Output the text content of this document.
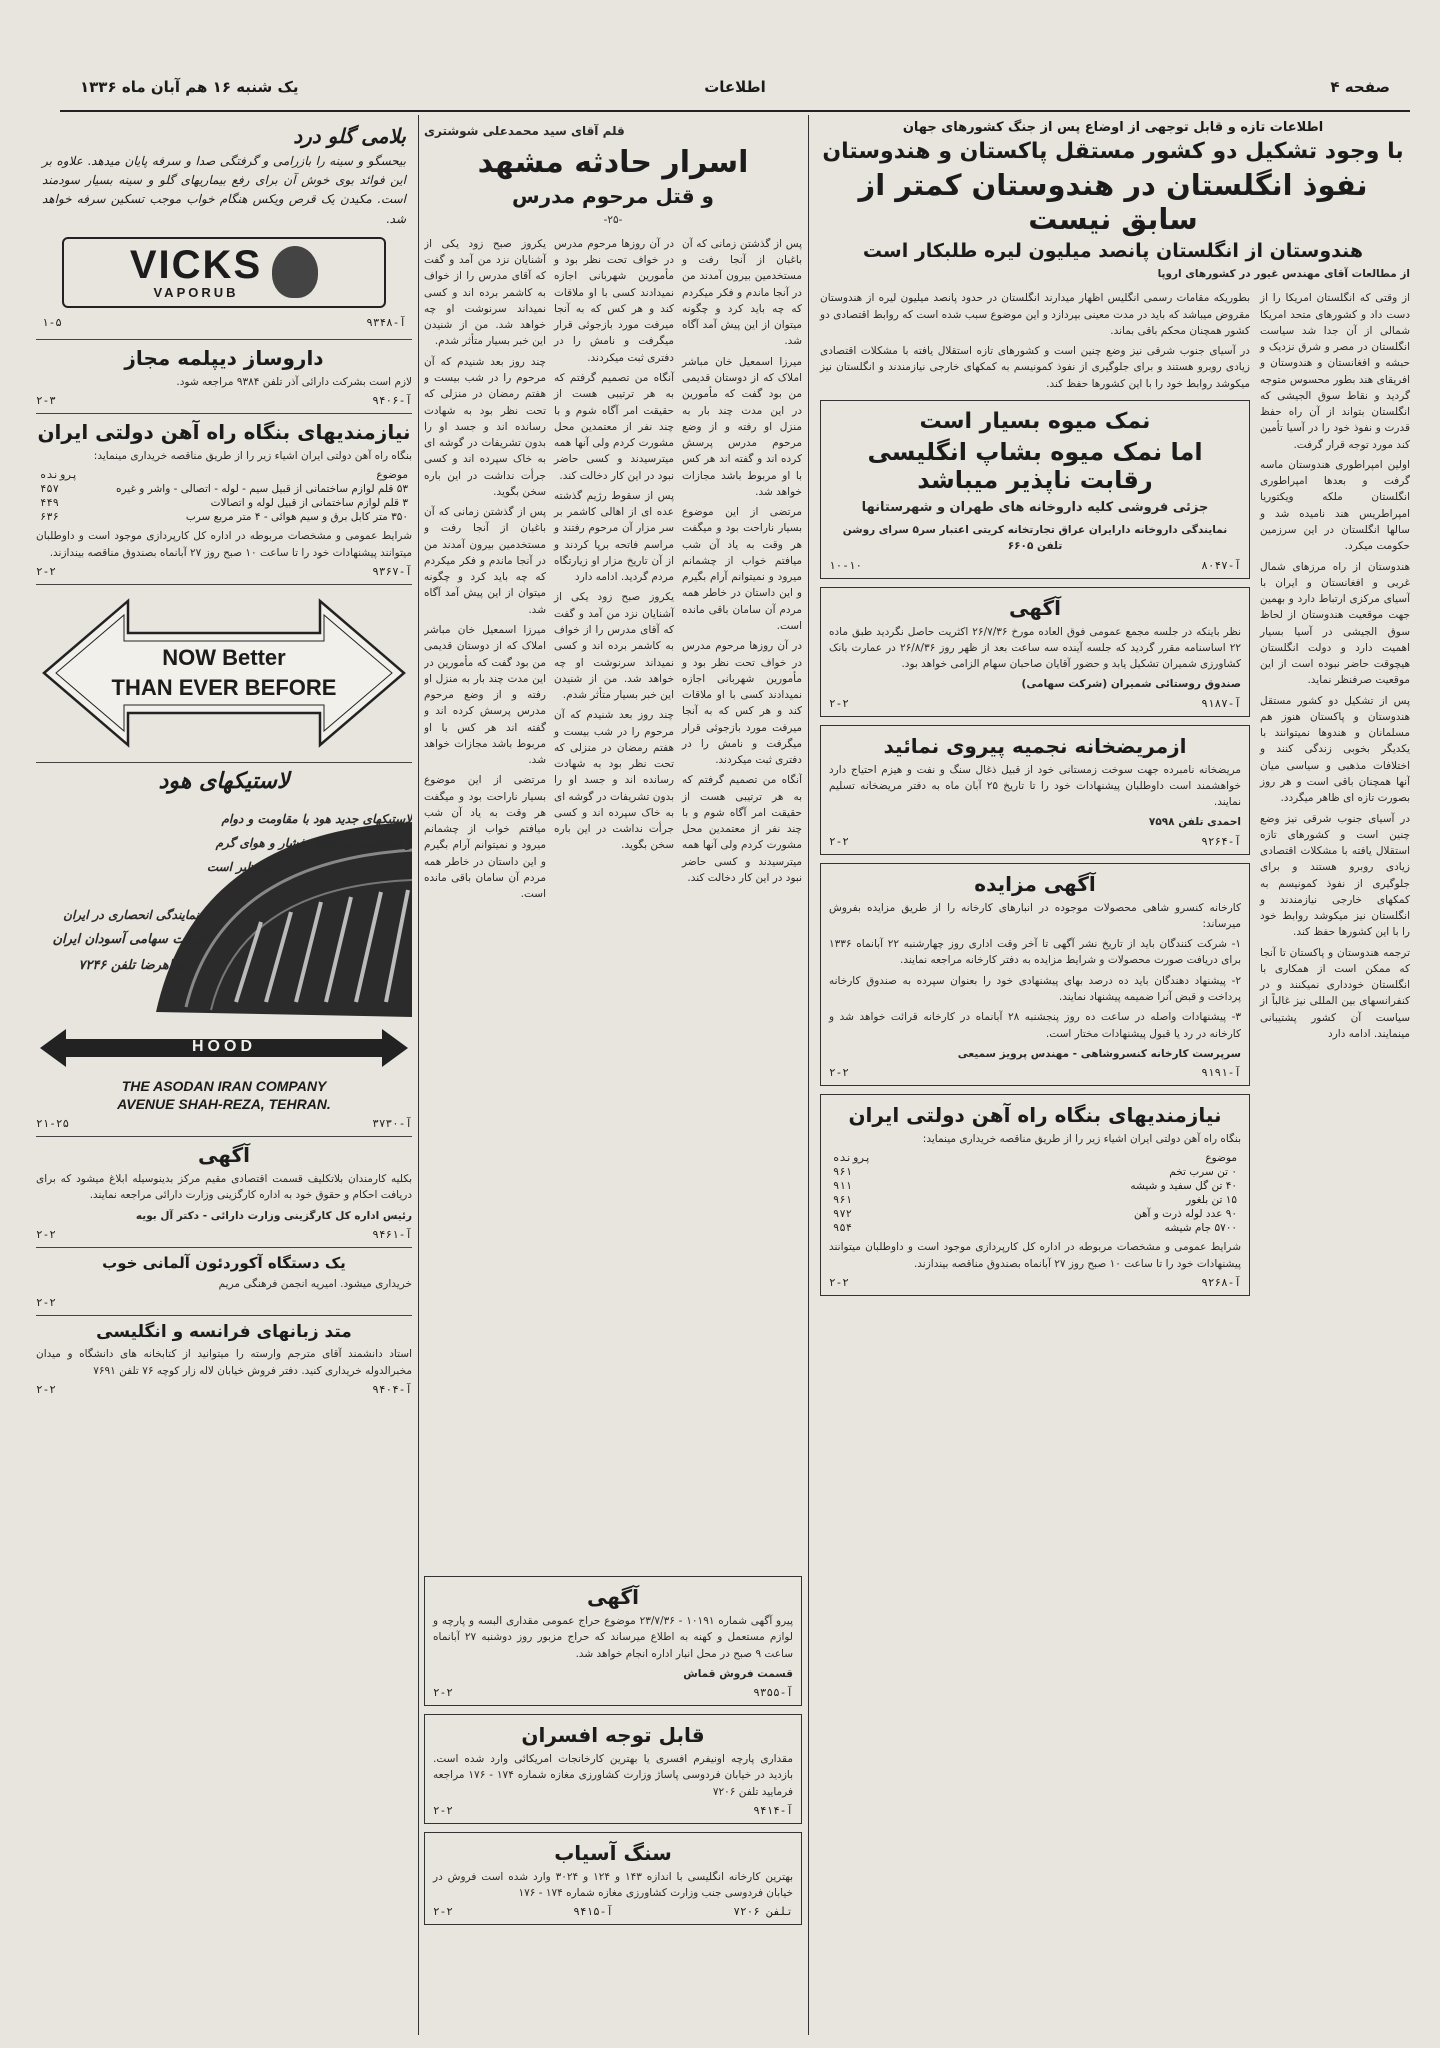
صفحه ۴
اطلاعات
یک شنبه ۱۶ هم آبان ماه ۱۳۳۶
اطلاعات تازه و قابل توجهی از اوضاع پس از جنگ کشورهای جهان
با وجود تشکیل دو کشور مستقل پاکستان و هندوستان
نفوذ انگلستان در هندوستان کمتر از سابق نیست
هندوستان از انگلستان پانصد میلیون لیره طلبکار است
از مطالعات آقای مهندس غیور در کشورهای اروپا

از وقتی که انگلستان امریکا را از دست داد و کشورهای متحد امریکا شمالی از آن جدا شد سیاست انگلستان در مصر و شرق نزدیک و حبشه و افغانستان و هندوستان و افریقای هند بطور محسوس متوجه گردید و نقاط سوق الجیشی که انگلستان بتواند از آن راه حفظ قدرت و نفوذ خود را در آسیا تأمین کند مورد توجه قرار گرفت.

اولین امپراطوری هندوستان ماسه گرفت و بعدها امپراطوری انگلستان ملکه ویکتوریا امپراطریس هند نامیده شد و سالها انگلستان در این سرزمین حکومت میکرد.

هندوستان از راه مرزهای شمال غربی و افغانستان و ایران با آسیای مرکزی ارتباط دارد و بهمین جهت موقعیت هندوستان از لحاظ سوق الجیشی در آسیا بسیار اهمیت دارد و دولت انگلستان هیچوقت حاضر نبوده است از این موقعیت صرفنظر نماید.

پس از تشکیل دو کشور مستقل هندوستان و پاکستان هنوز هم مسلمانان و هندوها نمیتوانند با یکدیگر بخوبی زندگی کنند و اختلافات مذهبی و سیاسی میان آنها همچنان باقی است و هر روز بصورت تازه ای ظاهر میگردد.

در آسیای جنوب شرقی نیز وضع چنین است و کشورهای تازه استقلال یافته با مشکلات اقتصادی زیادی روبرو هستند و برای جلوگیری از نفوذ کمونیسم به کمکهای خارجی نیازمندند و انگلستان نیز میکوشد روابط خود را با این کشورها حفظ کند.

ترجمه هندوستان و پاکستان تا آنجا که ممکن است از همکاری با انگلستان خودداری نمیکنند و در کنفرانسهای بین المللی نیز غالباً از سیاست آن کشور پشتیبانی مینمایند. ادامه دارد

بطوریکه مقامات رسمی انگلیس اظهار میدارند انگلستان در حدود پانصد میلیون لیره از هندوستان مقروض میباشد که باید در مدت معینی بپردازد و این موضوع سبب شده است که روابط اقتصادی دو کشور همچنان محکم باقی بماند.

در آسیای جنوب شرقی نیز وضع چنین است و کشورهای تازه استقلال یافته با مشکلات اقتصادی زیادی روبرو هستند و برای جلوگیری از نفوذ کمونیسم به کمکهای خارجی نیازمندند و انگلستان نیز میکوشد روابط خود را با این کشورها حفظ کند.

نمک میوه بسیار است
اما نمک میوه بشاپ انگلیسی رقابت ناپذیر میباشد
جزئی فروشی کلیه داروخانه های طهران و شهرستانها
نمایندگی داروخانه دارایران عراق تجارتخانه کریتی اعتبار سر۵ سرای روشن تلفن ۶۶۰۵
آ-۸۰۴۷
۱۰-۱۰
آگهی
نظر باینکه در جلسه مجمع عمومی فوق العاده مورخ ۲۶/۷/۳۶ اکثریت حاصل نگردید طبق ماده ۲۲ اساسنامه مقرر گردید که جلسه آینده سه ساعت بعد از ظهر روز ۲۶/۸/۳۶ در عمارت بانک کشاورزی شمیران تشکیل یابد و حضور آقایان صاحبان سهام الزامی خواهد بود.
صندوق روستائی شمیران (شرکت سهامی)
آ-۹۱۸۷
۲-۲
ازمریضخانه نجمیه پیروی نمائید
مریضخانه نامبرده جهت سوخت زمستانی خود از قبیل ذغال سنگ و نفت و هیزم احتیاج دارد خواهشمند است داوطلبان پیشنهادات خود را تا تاریخ ۲۵ آبان ماه به دفتر مریضخانه تسلیم نمایند.
احمدی تلفن ۷۵۹۸
آ-۹۲۶۴
۲-۲
آگهی مزایده
کارخانه کنسرو شاهی محصولات موجوده در انبارهای کارخانه را از طریق مزایده بفروش میرساند:
۱- شرکت کنندگان باید از تاریخ نشر آگهی تا آخر وقت اداری روز چهارشنبه ۲۲ آبانماه ۱۳۳۶ برای دریافت صورت محصولات و شرایط مزایده به دفتر کارخانه مراجعه نمایند.
۲- پیشنهاد دهندگان باید ده درصد بهای پیشنهادی خود را بعنوان سپرده به صندوق کارخانه پرداخت و قبض آنرا ضمیمه پیشنهاد نمایند.
۳- پیشنهادات واصله در ساعت ده روز پنجشنبه ۲۸ آبانماه در کارخانه قرائت خواهد شد و کارخانه در رد یا قبول پیشنهادات مختار است.
سرپرست کارخانه کنسروشاهی - مهندس پرویز سمیعی
آ-۹۱۹۱
۲-۲
نیازمندیهای بنگاه راه آهن دولتی ایران
بنگاه راه آهن دولتی ایران اشیاء زیر را از طریق مناقصه خریداری مینماید:
موضوع	پرونده
۰ تن سرب تخم	۹۶۱
۴۰ تن گل سفید و شیشه	۹۱۱
۱۵ تن بلغور	۹۶۱
۹۰ عدد لوله ذرت و آهن	۹۷۲
۵۷۰۰ جام شیشه	۹۵۴
شرایط عمومی و مشخصات مربوطه در اداره کل کارپردازی موجود است و داوطلبان میتوانند پیشنهادات خود را تا ساعت ۱۰ صبح روز ۲۷ آبانماه بصندوق مناقصه بیندازند.
آ-۹۲۶۸
۲-۲
قلم آقای سید محمدعلی شوشتری
اسرار حادثه مشهد
و قتل مرحوم مدرس
-۲۵-

پس از گذشتن زمانی که آن باغبان از آنجا رفت و مستخدمین بیرون آمدند من در آنجا ماندم و فکر میکردم که چه باید کرد و چگونه میتوان از این پیش آمد آگاه شد.

میرزا اسمعیل خان مباشر املاک که از دوستان قدیمی من بود گفت که مأمورین در این مدت چند بار به منزل او رفته و از وضع مرحوم مدرس پرسش کرده اند و گفته اند هر کس با او مربوط باشد مجازات خواهد شد.

مرتضی از این موضوع بسیار ناراحت بود و میگفت هر وقت به یاد آن شب میافتم خواب از چشمانم میرود و نمیتوانم آرام بگیرم و این داستان در خاطر همه مردم آن سامان باقی مانده است.

در آن روزها مرحوم مدرس در خواف تحت نظر بود و مأمورین شهربانی اجازه نمیدادند کسی با او ملاقات کند و هر کس که به آنجا میرفت مورد بازجوئی قرار میگرفت و نامش را در دفتری ثبت میکردند.

آنگاه من تصمیم گرفتم که به هر ترتیبی هست از حقیقت امر آگاه شوم و با چند نفر از معتمدین محل مشورت کردم ولی آنها همه میترسیدند و کسی حاضر نبود در این کار دخالت کند.

در آن روزها مرحوم مدرس در خواف تحت نظر بود و مأمورین شهربانی اجازه نمیدادند کسی با او ملاقات کند و هر کس که به آنجا میرفت مورد بازجوئی قرار میگرفت و نامش را در دفتری ثبت میکردند.

آنگاه من تصمیم گرفتم که به هر ترتیبی هست از حقیقت امر آگاه شوم و با چند نفر از معتمدین محل مشورت کردم ولی آنها همه میترسیدند و کسی حاضر نبود در این کار دخالت کند.

پس از سقوط رژیم گذشته عده ای از اهالی کاشمر بر سر مزار آن مرحوم رفتند و مراسم فاتحه برپا کردند و از آن تاریخ مزار او زیارتگاه مردم گردید. ادامه دارد

یکروز صبح زود یکی از آشنایان نزد من آمد و گفت که آقای مدرس را از خواف به کاشمر برده اند و کسی نمیداند سرنوشت او چه خواهد شد. من از شنیدن این خبر بسیار متأثر شدم.

چند روز بعد شنیدم که آن مرحوم را در شب بیست و هفتم رمضان در منزلی که تحت نظر بود به شهادت رسانده اند و جسد او را بدون تشریفات در گوشه ای به خاک سپرده اند و کسی جرأت نداشت در این باره سخن بگوید.

یکروز صبح زود یکی از آشنایان نزد من آمد و گفت که آقای مدرس را از خواف به کاشمر برده اند و کسی نمیداند سرنوشت او چه خواهد شد. من از شنیدن این خبر بسیار متأثر شدم.

چند روز بعد شنیدم که آن مرحوم را در شب بیست و هفتم رمضان در منزلی که تحت نظر بود به شهادت رسانده اند و جسد او را بدون تشریفات در گوشه ای به خاک سپرده اند و کسی جرأت نداشت در این باره سخن بگوید.

پس از گذشتن زمانی که آن باغبان از آنجا رفت و مستخدمین بیرون آمدند من در آنجا ماندم و فکر میکردم که چه باید کرد و چگونه میتوان از این پیش آمد آگاه شد.

میرزا اسمعیل خان مباشر املاک که از دوستان قدیمی من بود گفت که مأمورین در این مدت چند بار به منزل او رفته و از وضع مرحوم مدرس پرسش کرده اند و گفته اند هر کس با او مربوط باشد مجازات خواهد شد.

مرتضی از این موضوع بسیار ناراحت بود و میگفت هر وقت به یاد آن شب میافتم خواب از چشمانم میرود و نمیتوانم آرام بگیرم و این داستان در خاطر همه مردم آن سامان باقی مانده است.

آگهی
پیرو آگهی شماره ۱۰۱۹۱ - ۲۳/۷/۳۶ موضوع حراج عمومی مقداری البسه و پارچه و لوازم مستعمل و کهنه به اطلاع میرساند که حراج مزبور روز دوشنبه ۲۷ آبانماه ساعت ۹ صبح در محل انبار اداره انجام خواهد شد.
قسمت فروش قماش
آ-۹۳۵۵
۲-۲
قابل توجه افسران
مقداری پارچه اونیفرم افسری یا بهترین کارخانجات امریکائی وارد شده است. بازدید در خیابان فردوسی پاساژ وزارت کشاورزی مغازه شماره ۱۷۴ - ۱۷۶ مراجعه فرمایید تلفن ۷۲۰۶
آ-۹۴۱۴
۲-۲
سنگ آسیاب
بهترین کارخانه انگلیسی با اندازه ۱۴۳ و ۱۲۴ و ۳۰۲۴ وارد شده است فروش در خیابان فردوسی جنب وزارت کشاورزی مغازه شماره ۱۷۴ - ۱۷۶
تلفن ۷۲۰۶
آ-۹۴۱۵
۲-۲
بلامی گلو درد
بیحسگو و سینه را بازرامی و گرفتگی صدا و سرفه پایان میدهد. علاوه بر این فوائد بوی خوش آن برای رفع بیماریهای گلو و سینه بسیار سودمند است. مکیدن یک قرص ویکس هنگام خواب موجب تسکین سرفه خواهد شد.
VICKS
VAPORUB
آ-۹۳۴۸
۱-۵
داروساز دیپلمه مجاز
لازم است بشرکت دارائی آذر تلفن ۹۳۸۴ مراجعه شود.
آ-۹۴۰۶
۲-۳
نیازمندیهای بنگاه راه آهن دولتی ایران
بنگاه راه آهن دولتی ایران اشیاء زیر را از طریق مناقصه خریداری مینماید:
موضوع	پرونده
۵۳ قلم لوازم ساختمانی از قبیل سیم - لوله - اتصالی - واشر و غیره	۴۵۷
۳ قلم لوازم ساختمانی از قبیل لوله و اتصالات	۴۴۹
۳۵۰ متر کابل برق و سیم هوائی - ۴ متر مربع سرب	۶۳۶
شرایط عمومی و مشخصات مربوطه در اداره کل کارپردازی موجود است و داوطلبان میتوانند پیشنهادات خود را تا ساعت ۱۰ صبح روز ۲۷ آبانماه بصندوق مناقصه بیندازند.
آ-۹۳۶۷
۲-۲
NOW Better
THAN EVER BEFORE
لاستیکهای هود
لاستیکهای جدید هود با مقاومت و دوام
و استقامت در مقابل فشار و هوای گرم
بی نظیر است
نمایندگی انحصاری در ایران
شرکت سهامی آسودان ایران
شاهرضا تلفن ۷۲۴۶
HOOD
THE ASODAN IRAN COMPANY
AVENUE SHAH-REZA, TEHRAN.
آ-۳۷۳۰
۲۱-۲۵
آگهی
بکلیه کارمندان بلاتکلیف قسمت اقتصادی مقیم مرکز بدینوسیله ابلاغ میشود که برای دریافت احکام و حقوق خود به اداره کارگزینی وزارت دارائی مراجعه نمایند.
رئیس اداره کل کارگزینی وزارت دارائی - دکتر آل بویه
آ-۹۴۶۱
۲-۲
یک دستگاه آکوردئون آلمانی خوب
خریداری میشود. امیریه انجمن فرهنگی مریم
۲-۲
متد زبانهای فرانسه و انگلیسی
استاد دانشمند آقای مترجم وارسته را میتوانید از کتابخانه های دانشگاه و میدان مخبرالدوله خریداری کنید. دفتر فروش خیابان لاله زار کوچه ۷۶ تلفن ۷۶۹۱
آ-۹۴۰۴
۲-۲
